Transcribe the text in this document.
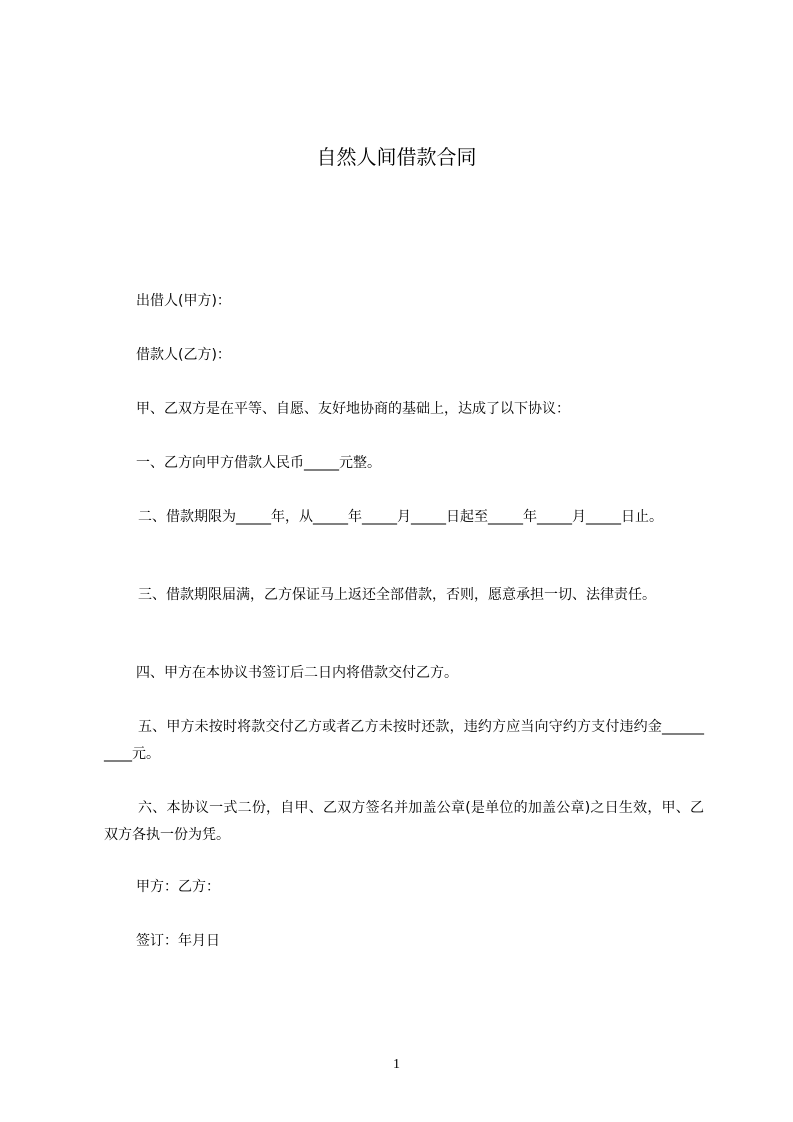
自然人间借款合同

出借人(甲方)：

借款人(乙方)：

甲、乙双方是在平等、自愿、友好地协商的基础上，达成了以下协议：

一、乙方向甲方借款人民币_____元整。

二、借款期限为_____年，从_____年_____月_____日起至_____年_____月_____日止。

三、借款期限届满，乙方保证马上返还全部借款，否则，愿意承担一切、法律责任。

四、甲方在本协议书签订后二日内将借款交付乙方。

五、甲方未按时将款交付乙方或者乙方未按时还款，违约方应当向守约方支付违约金__________元。

六、本协议一式二份，自甲、乙双方签名并加盖公章(是单位的加盖公章)之日生效，甲、乙双方各执一份为凭。

甲方：乙方：

签订：年月日

1
